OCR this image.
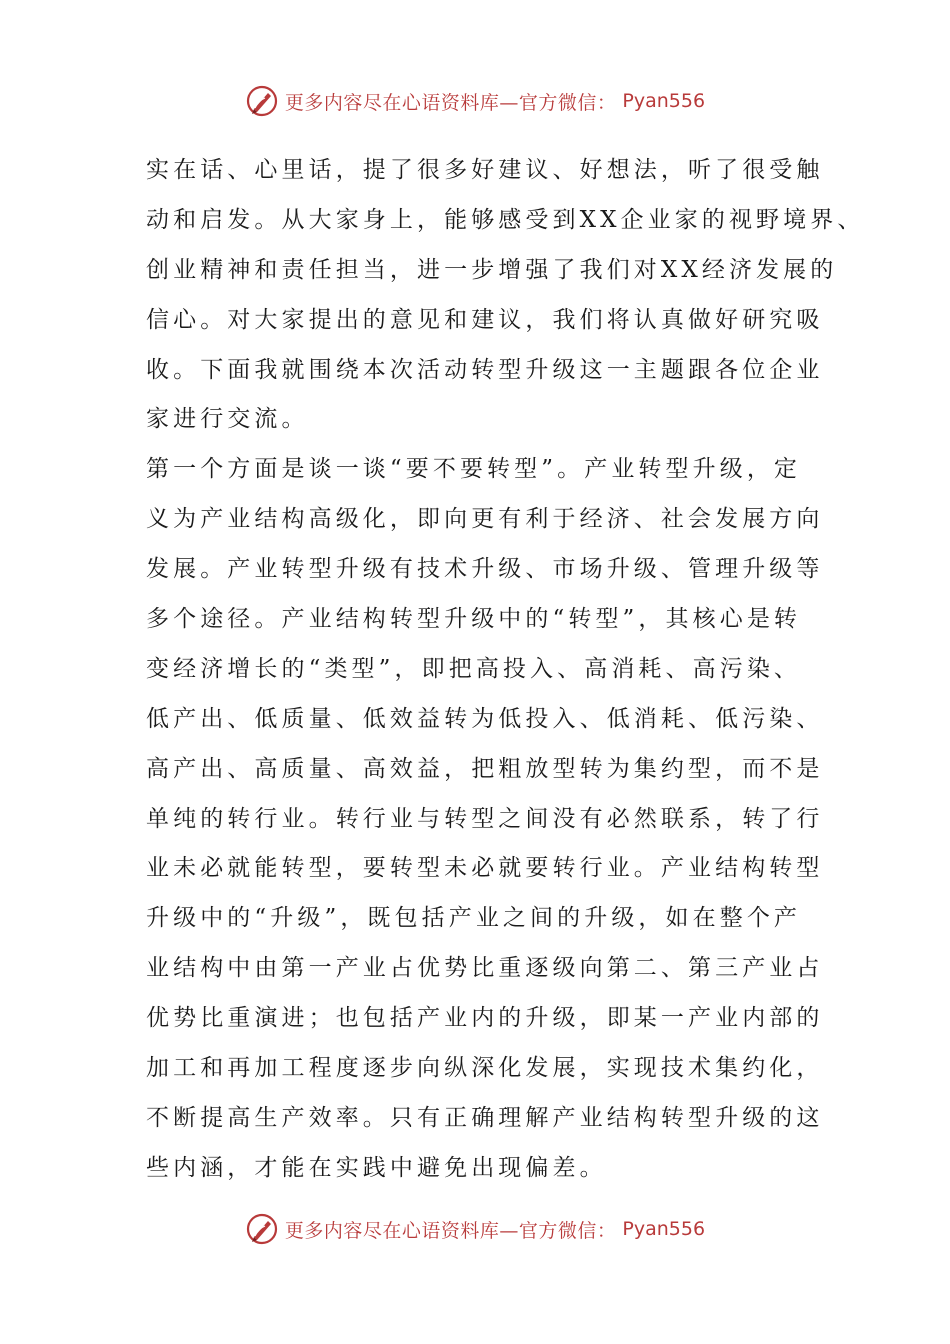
更多内容尽在心语资料库—官方微信： Pyan556
实在话、心里话，提了很多好建议、好想法，听了很受触
动和启发。从大家身上，能够感受到XX企业家的视野境界、
创业精神和责任担当，进一步增强了我们对XX经济发展的
信心。对大家提出的意见和建议，我们将认真做好研究吸
收。下面我就围绕本次活动转型升级这一主题跟各位企业
家进行交流。
第一个方面是谈一谈“要不要转型”。产业转型升级，定
义为产业结构高级化，即向更有利于经济、社会发展方向
发展。产业转型升级有技术升级、市场升级、管理升级等
多个途径。产业结构转型升级中的“转型”，其核心是转
变经济增长的“类型”，即把高投入、高消耗、高污染、
低产出、低质量、低效益转为低投入、低消耗、低污染、
高产出、高质量、高效益，把粗放型转为集约型，而不是
单纯的转行业。转行业与转型之间没有必然联系，转了行
业未必就能转型，要转型未必就要转行业。产业结构转型
升级中的“升级”，既包括产业之间的升级，如在整个产
业结构中由第一产业占优势比重逐级向第二、第三产业占
优势比重演进；也包括产业内的升级，即某一产业内部的
加工和再加工程度逐步向纵深化发展，实现技术集约化，
不断提高生产效率。只有正确理解产业结构转型升级的这
些内涵，才能在实践中避免出现偏差。
更多内容尽在心语资料库—官方微信： Pyan556
